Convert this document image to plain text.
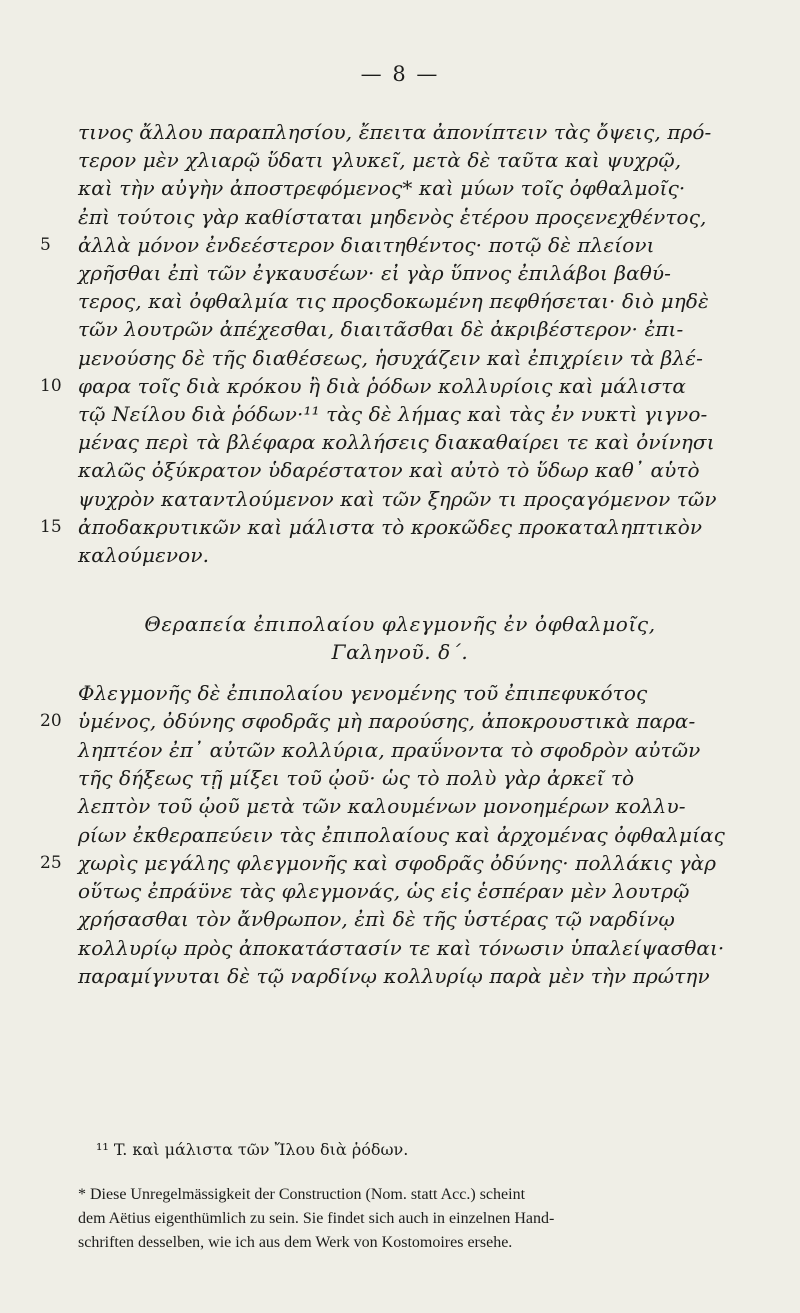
— 8 —
τινος ἄλλου παραπλησίου, ἔπειτα ἀπονίπτειν τὰς ὄψεις, πρό-
τερον μὲν χλιαρῷ ὕδατι γλυκεῖ, μετὰ δὲ ταῦτα καὶ ψυχρῷ,
καὶ τὴν αὐγὴν ἀποστρεφόμενος* καὶ μύων τοῖς ὀφθαλμοῖς·
ἐπὶ τούτοις γὰρ καθίσταται μηδενὸς ἑτέρου προςενεχθέντος,
5	ἀλλὰ μόνον ἐνδεέστερον διαιτηθέντος· ποτῷ δὲ πλείονι
χρῆσθαι ἐπὶ τῶν ἐγκαυσέων· εἰ γὰρ ὕπνος ἐπιλάβοι βαθύ-
τερος, καὶ ὀφθαλμία τις προςδοκωμένη πεφθήσεται· διὸ μηδὲ
τῶν λουτρῶν ἀπέχεσθαι, διαιτᾶσθαι δὲ ἀκριβέστερον· ἐπι-
μενούσης δὲ τῆς διαθέσεως, ἡσυχάζειν καὶ ἐπιχρίειν τὰ βλέ-
10 φαρα τοῖς διὰ κρόκου ἢ διὰ ῥόδων κολλυρίοις καὶ μάλιστα
τῷ Νείλου διὰ ῥόδων·¹¹ τὰς δὲ λήμας καὶ τὰς ἐν νυκτὶ γιγνο-
μένας περὶ τὰ βλέφαρα κολλήσεις διακαθαίρει τε καὶ ὀνίνησι
καλῶς ὀξύκρατον ὑδαρέστατον καὶ αὐτὸ τὸ ὕδωρ καθ᾽ αὑτὸ
ψυχρὸν καταντλούμενον καὶ τῶν ξηρῶν τι προςαγόμενον τῶν
15 ἀποδακρυτικῶν καὶ μάλιστα τὸ κροκῶδες προκαταληπτικὸν
καλούμενον.
Θεραπεία ἐπιπολαίου φλεγμονῆς ἐν ὀφθαλμοῖς,
Γαληνοῦ. δ΄.
Φλεγμονῆς δὲ ἐπιπολαίου γενομένης τοῦ ἐπιπεφυκότος
20 ὑμένος, ὀδύνης σφοδρᾶς μὴ παρούσης, ἀποκρουστικὰ παρα-
ληπτέον ἐπ᾽ αὐτῶν κολλύρια, πραΰνοντα τὸ σφοδρὸν αὐτῶν
τῆς δήξεως τῇ μίξει τοῦ ᾠοῦ· ὡς τὸ πολὺ γὰρ ἀρκεῖ τὸ
λεπτὸν τοῦ ᾠοῦ μετὰ τῶν καλουμένων μονοημέρων κολλυ-
ρίων ἐκθεραπεύειν τὰς ἐπιπολαίους καὶ ἀρχομένας ὀφθαλμίας
25 χωρὶς μεγάλης φλεγμονῆς καὶ σφοδρᾶς ὀδύνης· πολλάκις γὰρ
οὕτως ἐπράϋνε τὰς φλεγμονάς, ὡς εἰς ἑσπέραν μὲν λουτρῷ
χρήσασθαι τὸν ἄνθρωπον, ἐπὶ δὲ τῆς ὑστέρας τῷ ναρδίνῳ
κολλυρίῳ πρὸς ἀποκατάστασίν τε καὶ τόνωσιν ὑπαλείψασθαι·
παραμίγνυται δὲ τῷ ναρδίνῳ κολλυρίῳ παρὰ μὲν τὴν πρώτην
¹¹ T. καὶ μάλιστα τῶν Ἴλου διὰ ῥόδων.
* Diese Unregelmässigkeit der Construction (Nom. statt Acc.) scheint
dem Aëtius eigenthümlich zu sein. Sie findet sich auch in einzelnen Hand-
schriften desselben, wie ich aus dem Werk von Kostomoires ersehe.
